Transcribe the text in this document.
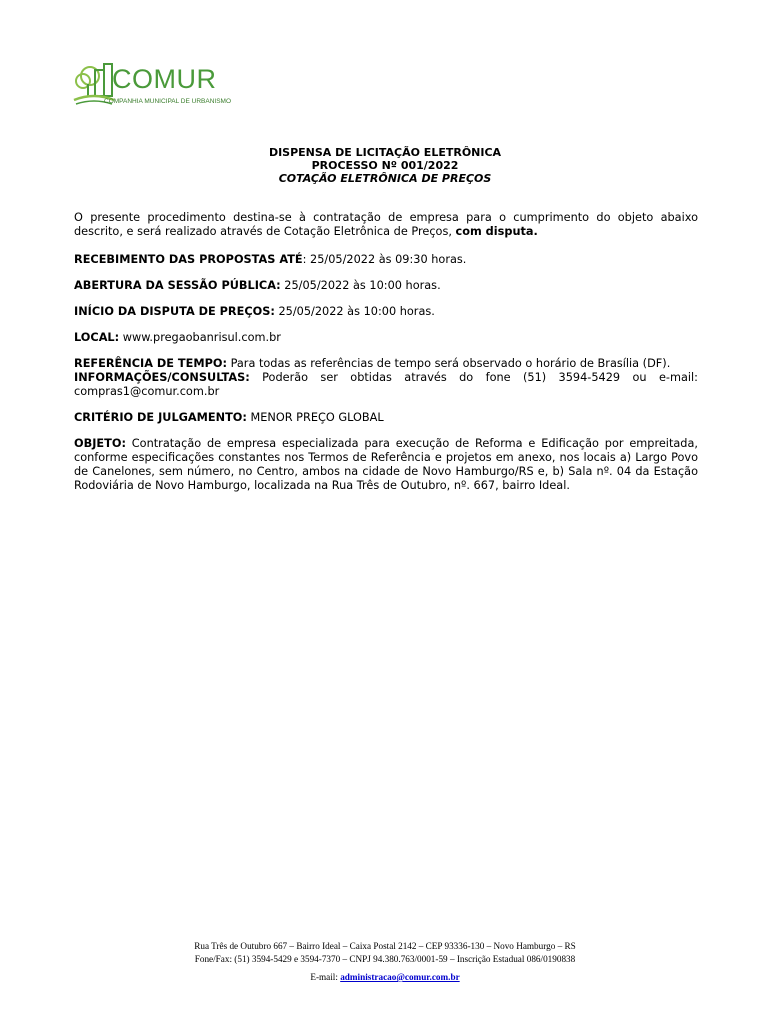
COMUR
COMPANHIA MUNICIPAL DE URBANISMO
DISPENSA DE LICITAÇÃO ELETRÔNICA
PROCESSO Nº 001/2022
COTAÇÃO ELETRÔNICA DE PREÇOS

O presente procedimento destina-se à contratação de empresa para o cumprimento do objeto abaixo descrito, e será realizado através de Cotação Eletrônica de Preços, com disputa.

RECEBIMENTO DAS PROPOSTAS ATÉ: 25/05/2022 às 09:30 horas.

ABERTURA DA SESSÃO PÚBLICA: 25/05/2022 às 10:00 horas.

INÍCIO DA DISPUTA DE PREÇOS: 25/05/2022 às 10:00 horas.

LOCAL: www.pregaobanrisul.com.br

REFERÊNCIA DE TEMPO: Para todas as referências de tempo será observado o horário de Brasília (DF).

INFORMAÇÕES/CONSULTAS: Poderão ser obtidas através do fone (51) 3594-5429 ou e-mail: compras1@comur.com.br

CRITÉRIO DE JULGAMENTO: MENOR PREÇO GLOBAL

OBJETO: Contratação de empresa especializada para execução de Reforma e Edificação por empreitada, conforme especificações constantes nos Termos de Referência e projetos em anexo, nos locais a) Largo Povo de Canelones, sem número, no Centro, ambos na cidade de Novo Hamburgo/RS e, b) Sala nº. 04 da Estação Rodoviária de Novo Hamburgo, localizada na Rua Três de Outubro, nº. 667, bairro Ideal.

Rua Três de Outubro 667 – Bairro Ideal – Caixa Postal 2142 – CEP 93336-130 – Novo Hamburgo – RS
Fone/Fax: (51) 3594-5429 e 3594-7370 – CNPJ 94.380.763/0001-59 – Inscrição Estadual 086/0190838
E-mail: administracao@comur.com.br
